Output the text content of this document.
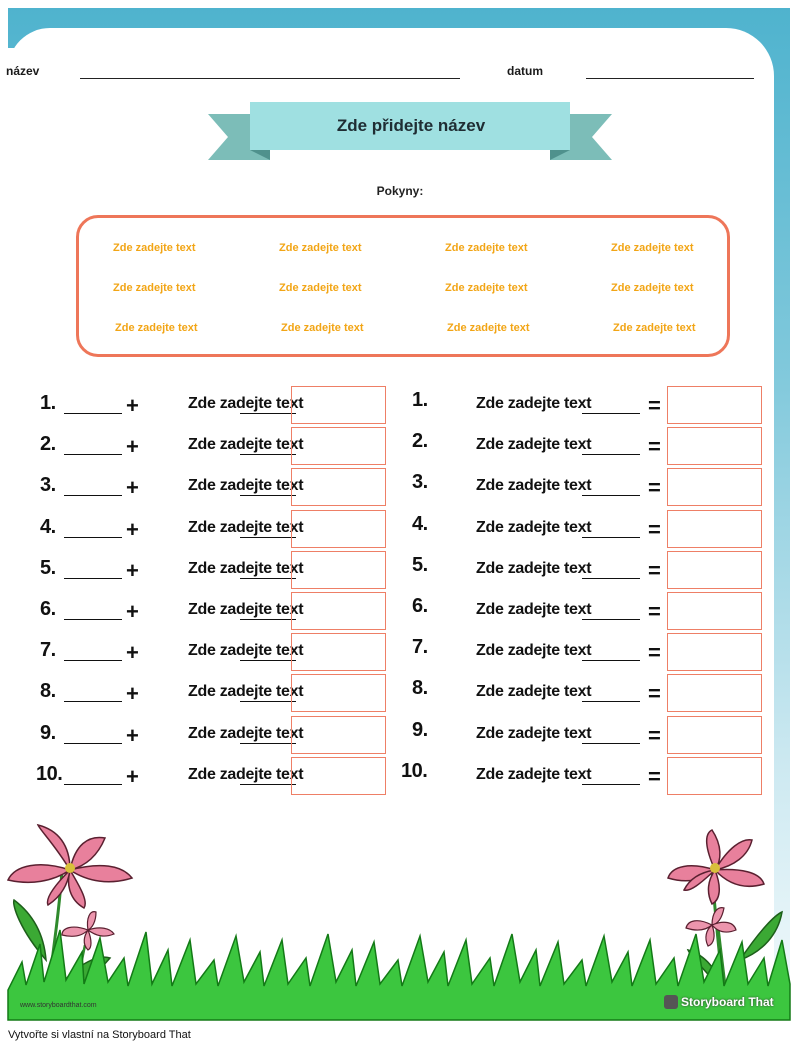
název	datum
Zde přidejte název
Pokyny:
Zde zadejte text	Zde zadejte text	Zde zadejte text	Zde zadejte text
Zde zadejte text	Zde zadejte text	Zde zadejte text	Zde zadejte text
Zde zadejte text	Zde zadejte text	Zde zadejte text	Zde zadejte text
1.	+	Zde zadejte text
2.	+	Zde zadejte text
3.	+	Zde zadejte text
4.	+	Zde zadejte text
5.	+	Zde zadejte text
6.	+	Zde zadejte text
7.	+	Zde zadejte text
8.	+	Zde zadejte text
9.	+	Zde zadejte text
10.	+	Zde zadejte text
1.	Zde zadejte text	=
2.	Zde zadejte text	=
3.	Zde zadejte text	=
4.	Zde zadejte text	=
5.	Zde zadejte text	=
6.	Zde zadejte text	=
7.	Zde zadejte text	=
8.	Zde zadejte text	=
9.	Zde zadejte text	=
10.	Zde zadejte text	=
www.storyboardthat.com	Storyboard That
Vytvořte si vlastní na Storyboard That
